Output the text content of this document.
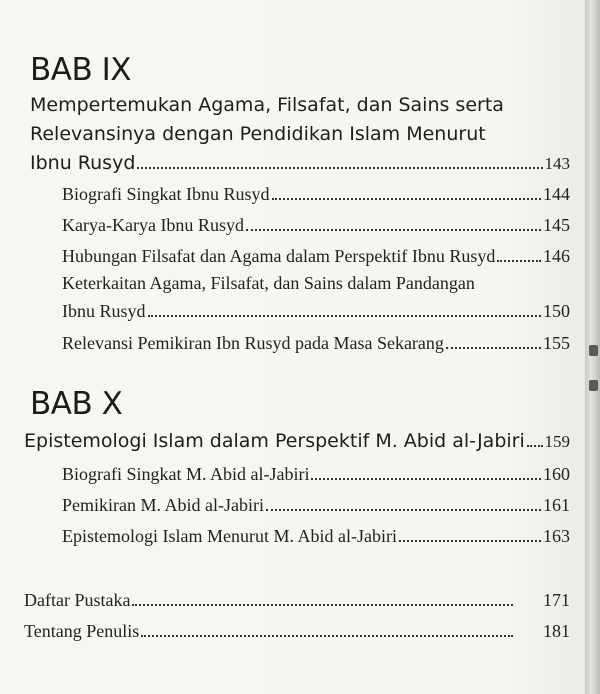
BAB IX
Mempertemukan Agama, Filsafat, dan Sains serta
Relevansinya dengan Pendidikan Islam Menurut
Ibnu Rusyd	143
Biografi Singkat Ibnu Rusyd	144
Karya-Karya Ibnu Rusyd	145
Hubungan Filsafat dan Agama dalam Perspektif Ibnu Rusyd	146
Keterkaitan Agama, Filsafat, dan Sains dalam Pandangan
Ibnu Rusyd	150
Relevansi Pemikiran Ibn Rusyd pada Masa Sekarang	155
BAB X
Epistemologi Islam dalam Perspektif M. Abid al-Jabiri 159
Biografi Singkat M. Abid al-Jabiri	160
Pemikiran M. Abid al-Jabiri	161
Epistemologi Islam Menurut M. Abid al-Jabiri	163
Daftar Pustaka	171
Tentang Penulis	181
